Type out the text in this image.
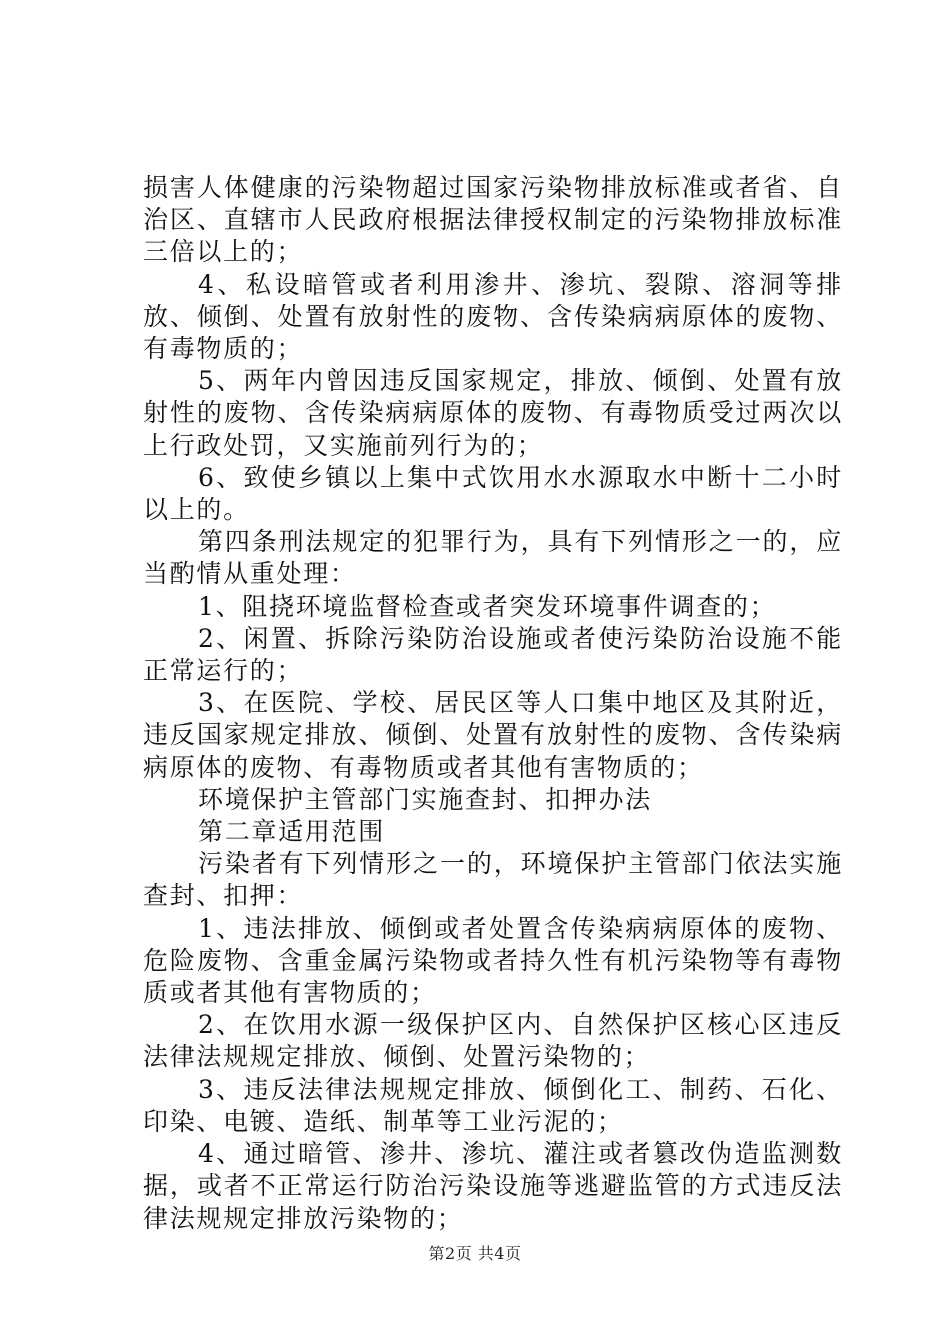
损害人体健康的污染物超过国家污染物排放标准或者省、自治区、直辖市人民政府根据法律授权制定的污染物排放标准三倍以上的；

4、私设暗管或者利用渗井、渗坑、裂隙、溶洞等排放、倾倒、处置有放射性的废物、含传染病病原体的废物、有毒物质的；

5、两年内曾因违反国家规定，排放、倾倒、处置有放射性的废物、含传染病病原体的废物、有毒物质受过两次以上行政处罚，又实施前列行为的；

6、致使乡镇以上集中式饮用水水源取水中断十二小时以上的。

第四条刑法规定的犯罪行为，具有下列情形之一的，应当酌情从重处理：

1、阻挠环境监督检查或者突发环境事件调查的；

2、闲置、拆除污染防治设施或者使污染防治设施不能正常运行的；

3、在医院、学校、居民区等人口集中地区及其附近，违反国家规定排放、倾倒、处置有放射性的废物、含传染病病原体的废物、有毒物质或者其他有害物质的；

环境保护主管部门实施查封、扣押办法

第二章适用范围

污染者有下列情形之一的，环境保护主管部门依法实施查封、扣押：

1、违法排放、倾倒或者处置含传染病病原体的废物、危险废物、含重金属污染物或者持久性有机污染物等有毒物质或者其他有害物质的；

2、在饮用水源一级保护区内、自然保护区核心区违反法律法规规定排放、倾倒、处置污染物的；

3、违反法律法规规定排放、倾倒化工、制药、石化、印染、电镀、造纸、制革等工业污泥的；

4、通过暗管、渗井、渗坑、灌注或者篡改伪造监测数据，或者不正常运行防治污染设施等逃避监管的方式违反法律法规规定排放污染物的；

第2页 共4页
